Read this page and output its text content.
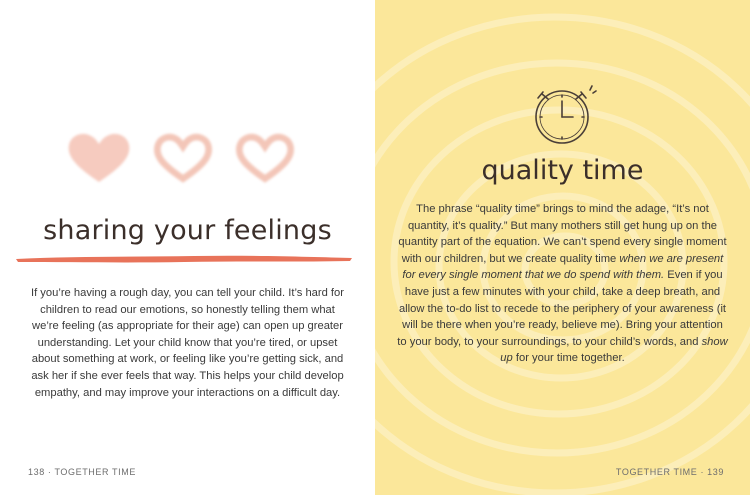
sharing your feelings
If you’re having a rough day, you can tell your child. It’s hard for children to read our emotions, so honestly telling them what we’re feeling (as appropriate for their age) can open up greater understanding. Let your child know that you’re tired, or upset about something at work, or feeling like you’re getting sick, and ask her if she ever feels that way. This helps your child develop empathy, and may improve your interactions on a difficult day.
138 · TOGETHER TIME
quality time
The phrase “quality time” brings to mind the adage, “It’s not quantity, it’s quality.” But many mothers still get hung up on the quantity part of the equation. We can’t spend every single moment with our children, but we create quality time when we are present for every single moment that we do spend with them. Even if you have just a few minutes with your child, take a deep breath, and allow the to-do list to recede to the periphery of your awareness (it will be there when you’re ready, believe me). Bring your attention to your body, to your surroundings, to your child’s words, and show up for your time together.
TOGETHER TIME · 139
